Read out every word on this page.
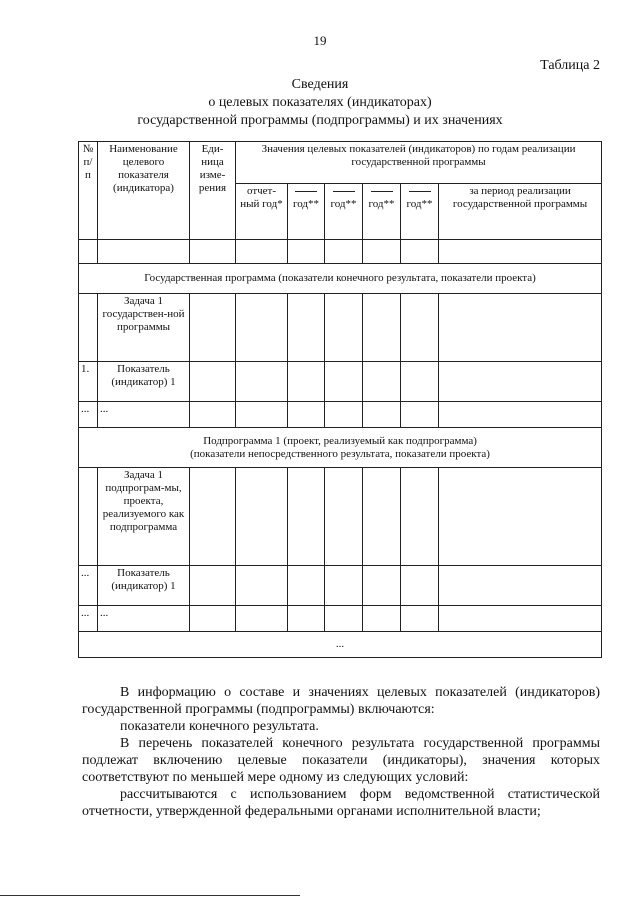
19
Таблица 2
Сведения
о целевых показателях (индикаторах)
государственной программы (подпрограммы) и их значениях
№ п/п	Наименование целевого показателя (индикатора)	Еди-ница изме-рения	Значения целевых показателей (индикаторов) по годам реализации государственной программы					
			отчет-ный год*	год**	год**	год**	год**	за период реализации государственной программы

Государственная программа (показатели конечного результата, показатели проекта)								
	Задача 1 государствен-ной программы							
1.	Показатель (индикатор) 1							
...	...							

Подпрограмма 1 (проект, реализуемый как подпрограмма)
(показатели непосредственного результата, показатели проекта)								

	Задача 1 подпрограм-мы, проекта, реализуемого как подпрограмма							
...	Показатель (индикатор) 1							
...	...							
...								

В информацию о составе и значениях целевых показателей (индикаторов) государственной программы (подпрограммы) включаются:

показатели конечного результата.

В перечень показателей конечного результата государственной программы подлежат включению целевые показатели (индикаторы), значения которых соответствуют по меньшей мере одному из следующих условий:

рассчитываются с использованием форм ведомственной статистической отчетности, утвержденной федеральными органами исполнительной власти;
